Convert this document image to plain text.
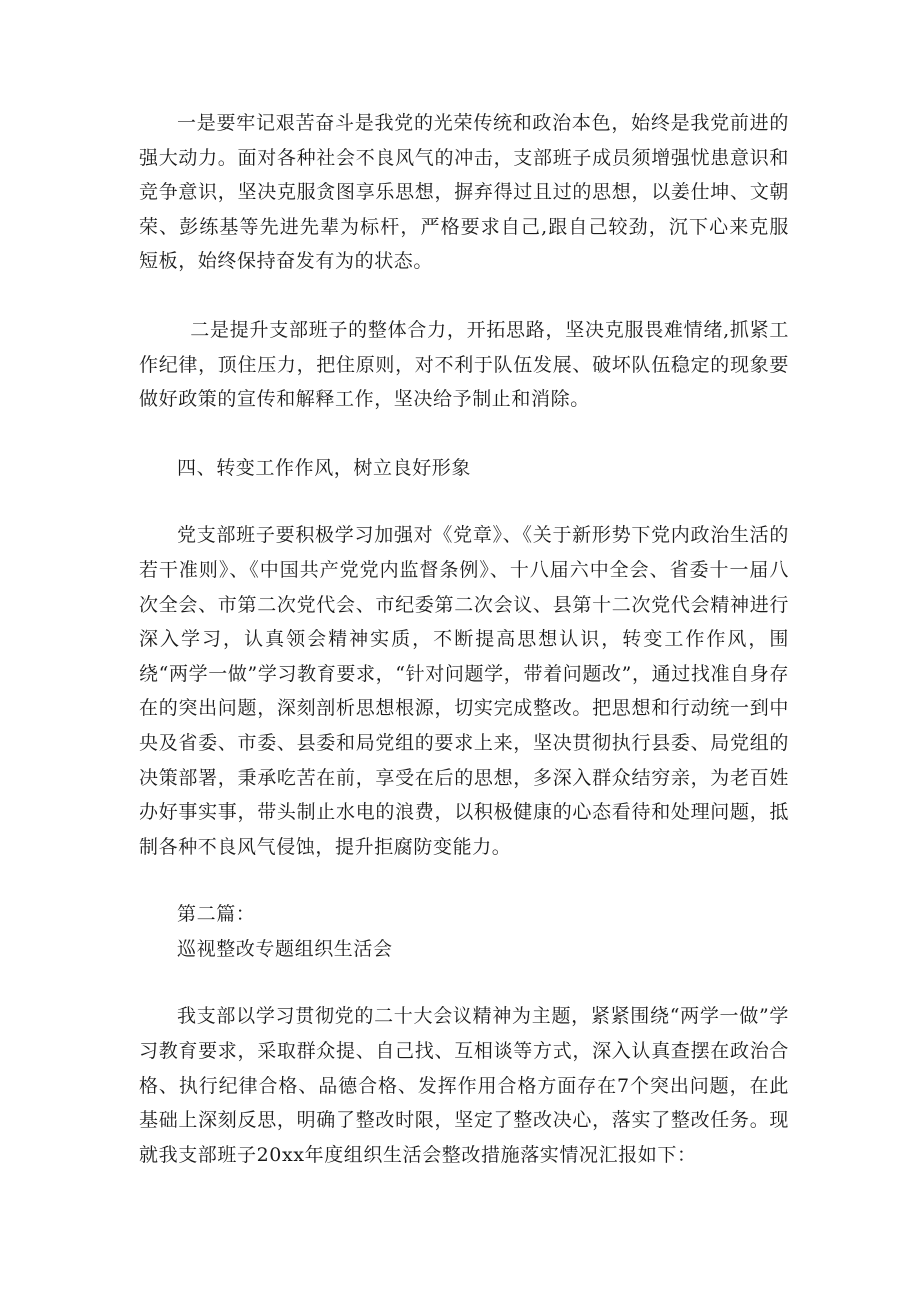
一是要牢记艰苦奋斗是我党的光荣传统和政治本色，始终是我党前进的强大动力。面对各种社会不良风气的冲击，支部班子成员须增强忧患意识和竞争意识，坚决克服贪图享乐思想，摒弃得过且过的思想，以姜仕坤、文朝荣、彭练基等先进先辈为标杆，严格要求自己,跟自己较劲，沉下心来克服短板，始终保持奋发有为的状态。

二是提升支部班子的整体合力，开拓思路，坚决克服畏难情绪,抓紧工作纪律，顶住压力，把住原则，对不利于队伍发展、破坏队伍稳定的现象要做好政策的宣传和解释工作，坚决给予制止和消除。

四、转变工作作风，树立良好形象

党支部班子要积极学习加强对《党章》、《关于新形势下党内政治生活的若干准则》、《中国共产党党内监督条例》、十八届六中全会、省委十一届八次全会、市第二次党代会、市纪委第二次会议、县第十二次党代会精神进行深入学习，认真领会精神实质，不断提高思想认识，转变工作作风，围绕“两学一做”学习教育要求，“针对问题学，带着问题改”，通过找准自身存在的突出问题，深刻剖析思想根源，切实完成整改。把思想和行动统一到中央及省委、市委、县委和局党组的要求上来，坚决贯彻执行县委、局党组的决策部署，秉承吃苦在前，享受在后的思想，多深入群众结穷亲，为老百姓办好事实事，带头制止水电的浪费，以积极健康的心态看待和处理问题，抵制各种不良风气侵蚀，提升拒腐防变能力。

第二篇：

巡视整改专题组织生活会

我支部以学习贯彻党的二十大会议精神为主题，紧紧围绕“两学一做”学习教育要求，采取群众提、自己找、互相谈等方式，深入认真查摆在政治合格、执行纪律合格、品德合格、发挥作用合格方面存在7个突出问题，在此基础上深刻反思，明确了整改时限，坚定了整改决心，落实了整改任务。现就我支部班子20xx年度组织生活会整改措施落实情况汇报如下：
